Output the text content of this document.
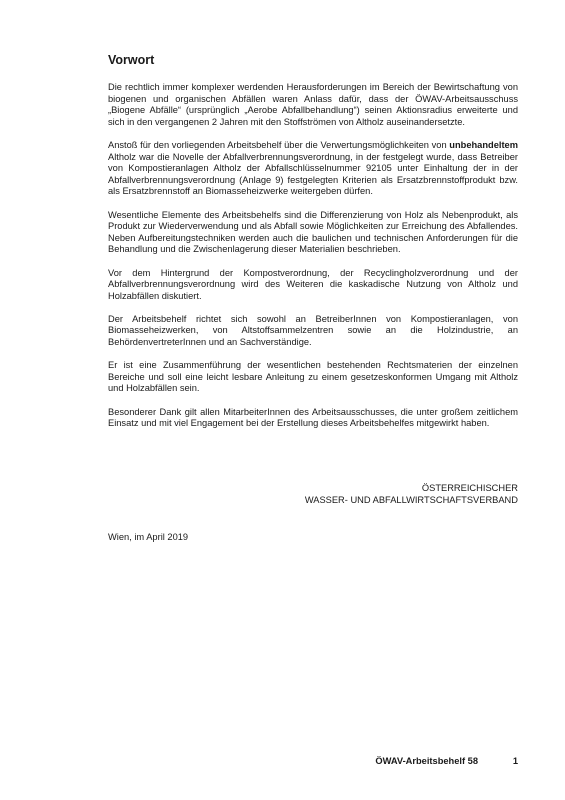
Vorwort

Die rechtlich immer komplexer werdenden Herausforderungen im Bereich der Bewirtschaftung von biogenen und organischen Abfällen waren Anlass dafür, dass der ÖWAV-Arbeitsausschuss „Biogene Abfälle“ (ursprünglich „Aerobe Abfallbehandlung“) seinen Aktionsradius erweiterte und sich in den vergangenen 2 Jahren mit den Stoffströmen von Altholz auseinandersetzte.

Anstoß für den vorliegenden Arbeitsbehelf über die Verwertungsmöglichkeiten von unbehandeltem Altholz war die Novelle der Abfallverbrennungsverordnung, in der festgelegt wurde, dass Betreiber von Kompostieranlagen Altholz der Abfallschlüsselnummer 92105 unter Einhaltung der in der Abfallverbrennungsverordnung (Anlage 9) festgelegten Kriterien als Ersatzbrennstoffprodukt bzw. als Ersatzbrennstoff an Biomasseheizwerke weitergeben dürfen.

Wesentliche Elemente des Arbeitsbehelfs sind die Differenzierung von Holz als Nebenprodukt, als Produkt zur Wiederverwendung und als Abfall sowie Möglichkeiten zur Erreichung des Abfallendes. Neben Aufbereitungstechniken werden auch die baulichen und technischen Anforderungen für die Behandlung und die Zwischenlagerung dieser Materialien beschrieben.

Vor dem Hintergrund der Kompostverordnung, der Recyclingholzverordnung und der Abfallverbrennungsverordnung wird des Weiteren die kaskadische Nutzung von Altholz und Holzabfällen diskutiert.

Der Arbeitsbehelf richtet sich sowohl an BetreiberInnen von Kompostieranlagen, von Biomasseheizwerken, von Altstoffsammelzentren sowie an die Holzindustrie, an BehördenvertreterInnen und an Sachverständige.

Er ist eine Zusammenführung der wesentlichen bestehenden Rechtsmaterien der einzelnen Bereiche und soll eine leicht lesbare Anleitung zu einem gesetzeskonformen Umgang mit Altholz und Holzabfällen sein.

Besonderer Dank gilt allen MitarbeiterInnen des Arbeitsausschusses, die unter großem zeitlichem Einsatz und mit viel Engagement bei der Erstellung dieses Arbeitsbehelfes mitgewirkt haben.

ÖSTERREICHISCHER
WASSER- UND ABFALLWIRTSCHAFTSVERBAND
Wien, im April 2019
ÖWAV-Arbeitsbehelf 58	1
